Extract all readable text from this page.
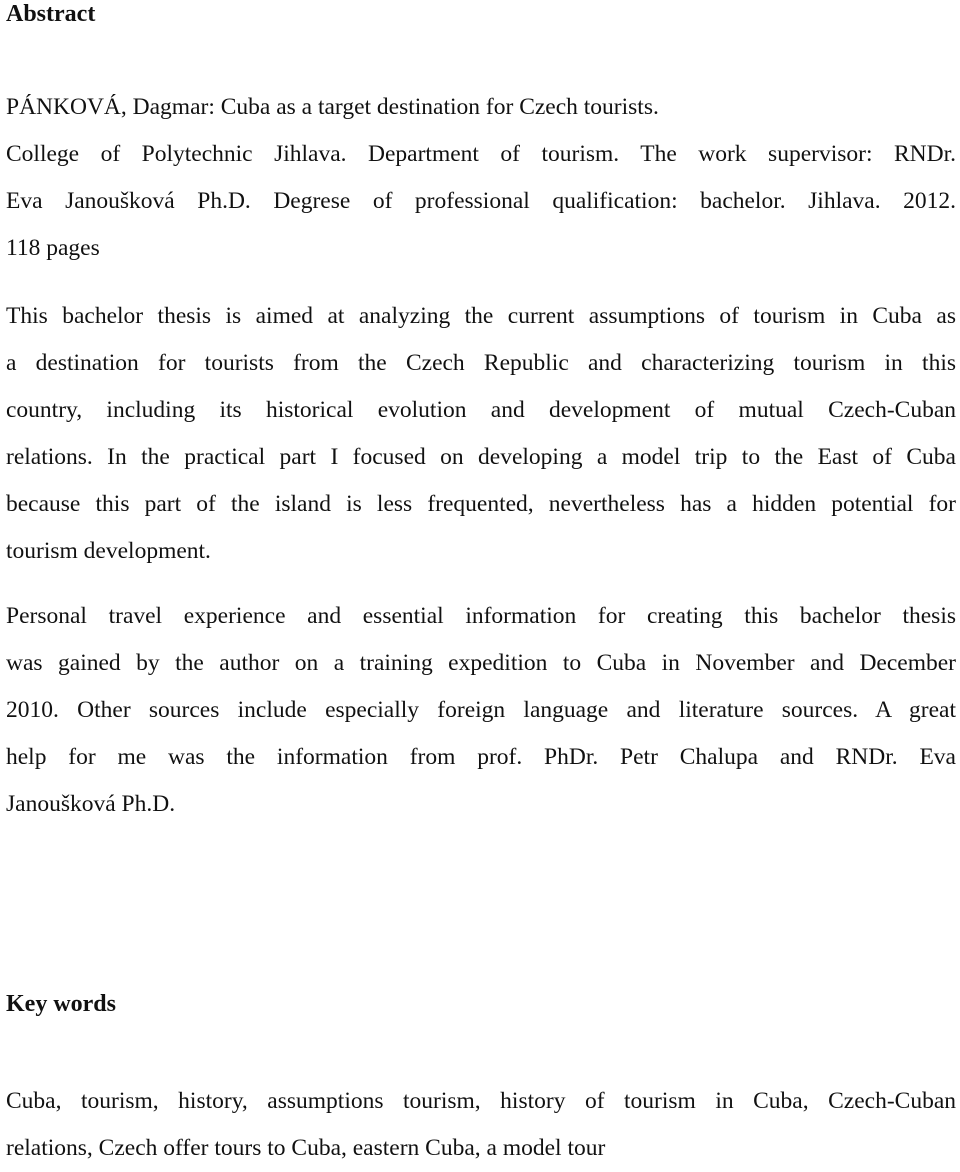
Abstract
PÁNKOVÁ, Dagmar: Cuba as a target destination for Czech tourists.
College of Polytechnic Jihlava. Department of tourism. The work supervisor: RNDr.
Eva Janoušková Ph.D. Degrese of professional qualification: bachelor. Jihlava. 2012.
118 pages
This bachelor thesis is aimed at analyzing the current assumptions of tourism in Cuba as
a destination for tourists from the Czech Republic and characterizing tourism in this
country, including its historical evolution and development of mutual Czech-Cuban
relations. In the practical part I focused on developing a model trip to the East of Cuba
because this part of the island is less frequented, nevertheless has a hidden potential for
tourism development.
Personal travel experience and essential information for creating this bachelor thesis
was gained by the author on a training expedition to Cuba in November and December
2010. Other sources include especially foreign language and literature sources. A great
help for me was the information from prof. PhDr. Petr Chalupa and RNDr. Eva
Janoušková Ph.D.
Key words
Cuba, tourism, history, assumptions tourism, history of tourism in Cuba, Czech-Cuban
relations, Czech offer tours to Cuba, eastern Cuba, a model tour
